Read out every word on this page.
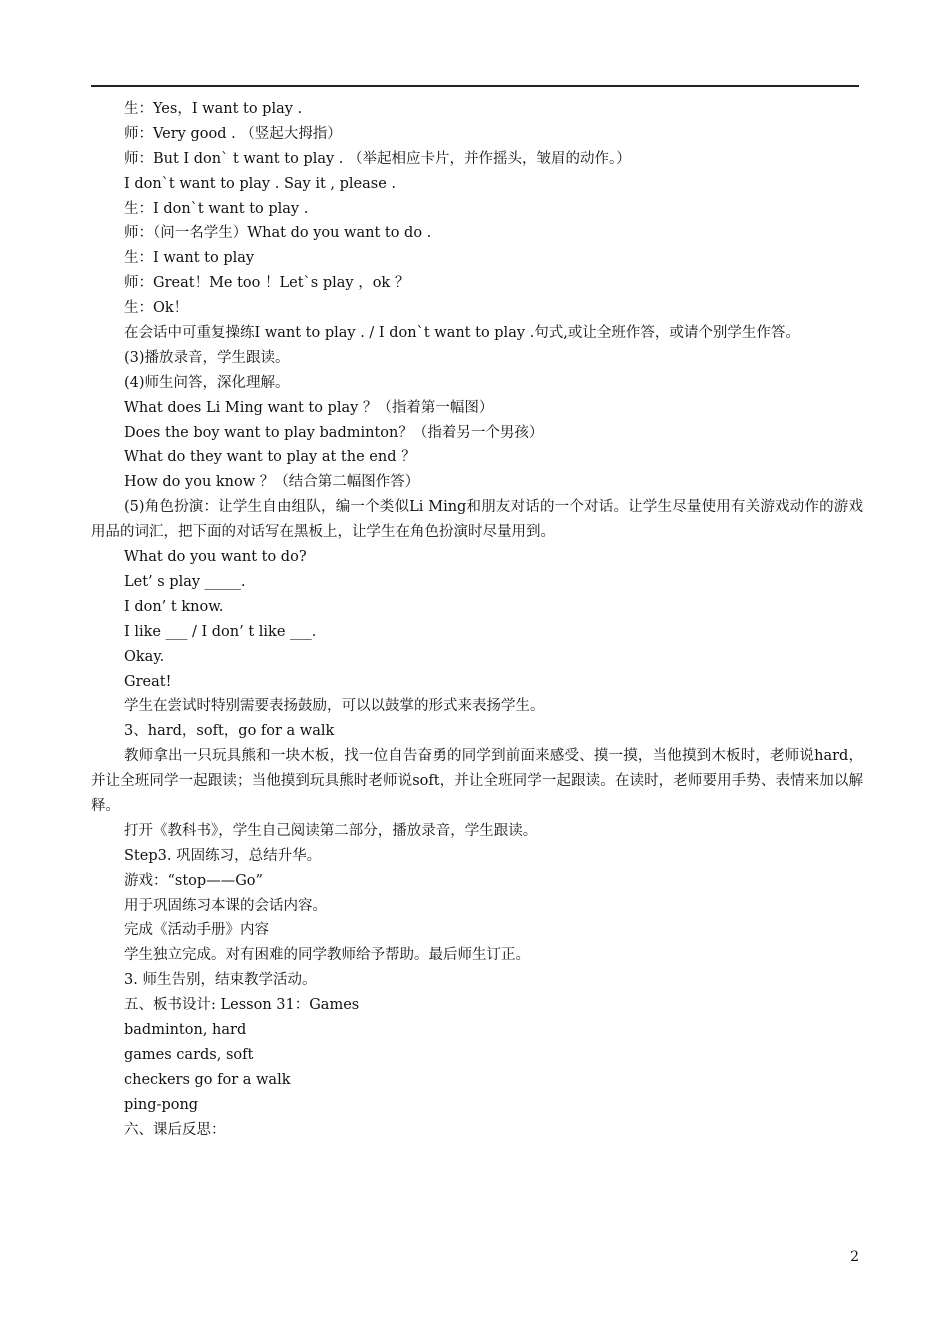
生：Yes，I want to play .
师：Very good . （竖起大拇指）
师：But I don` t want to play . （举起相应卡片，并作摇头，皱眉的动作。）
I don`t want to play . Say it , please .
生：I don`t want to play .
师：（问一名学生）What do you want to do .
生：I want to play
师：Great！Me too ！Let`s play ，ok ？
生：Ok！
在会话中可重复操练I want to play . / I don`t want to play .句式,或让全班作答，或请个别学生作答。
(3)播放录音，学生跟读。
(4)师生问答，深化理解。
What does Li Ming want to play ？（指着第一幅图）
Does the boy want to play badminton？（指着另一个男孩）
What do they want to play at the end ？
How do you know ？（结合第二幅图作答）
(5)角色扮演：让学生自由组队，编一个类似Li Ming和朋友对话的一个对话。让学生尽量使用有关游戏动作的游戏用品的词汇，把下面的对话写在黑板上，让学生在角色扮演时尽量用到。
What do you want to do?
Let’ s play _____.
I don’ t know.
I like ___ / I don’ t like ___.
Okay.
Great!
学生在尝试时特别需要表扬鼓励，可以以鼓掌的形式来表扬学生。
3、hard，soft，go for a walk
教师拿出一只玩具熊和一块木板，找一位自告奋勇的同学到前面来感受、摸一摸，当他摸到木板时，老师说hard，并让全班同学一起跟读；当他摸到玩具熊时老师说soft，并让全班同学一起跟读。在读时，老师要用手势、表情来加以解释。
打开《教科书》，学生自己阅读第二部分，播放录音，学生跟读。
Step3. 巩固练习，总结升华。
游戏：“stop——Go”
用于巩固练习本课的会话内容。
完成《活动手册》内容
学生独立完成。对有困难的同学教师给予帮助。最后师生订正。
3. 师生告别，结束教学活动。
五、板书设计: Lesson 31：Games
badminton, hard
games cards, soft
checkers go for a walk
ping-pong
六、课后反思：
2
